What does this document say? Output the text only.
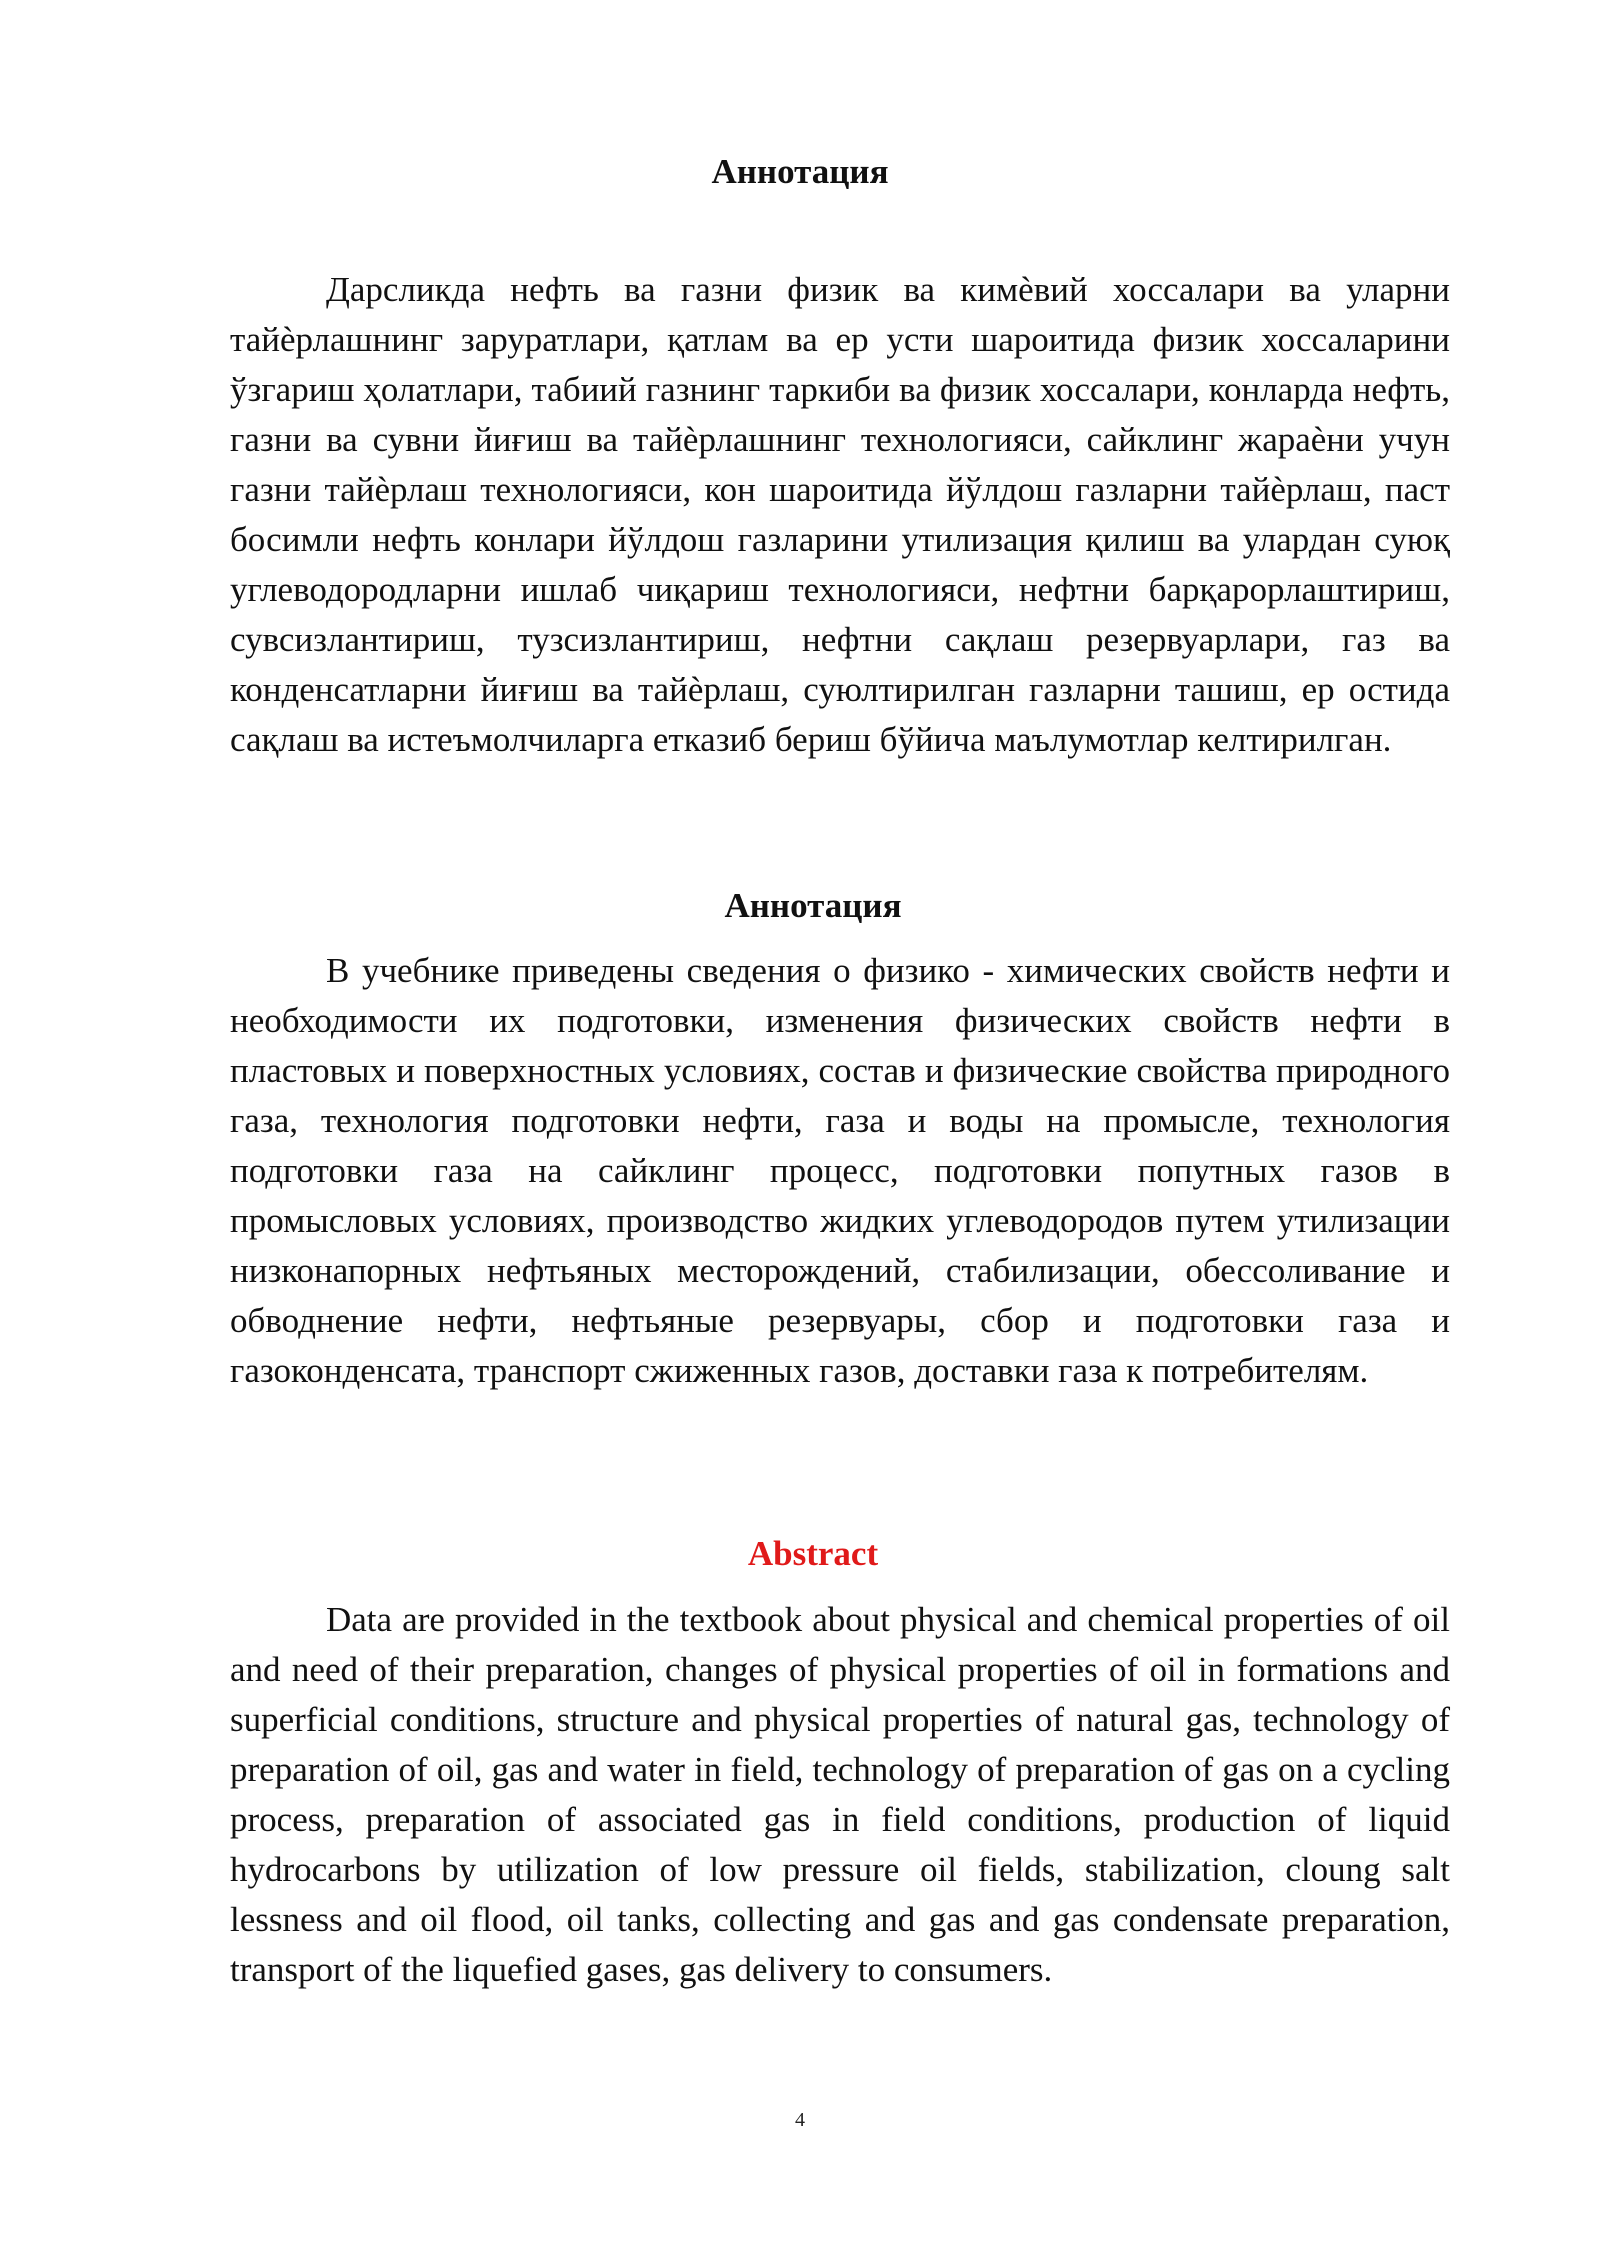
Аннотация

Дарсликда нефть ва газни физик ва кимѐвий хоссалари ва уларни тайѐрлашнинг заруратлари, қатлам ва ер усти шароитида физик хоссаларини ўзгариш ҳолатлари, табиий газнинг таркиби ва физик хоссалари, конларда нефть, газни ва сувни йиғиш ва тайѐрлашнинг технологияси, сайклинг жараѐни учун газни тайѐрлаш технологияси, кон шароитида йўлдош газларни тайѐрлаш, паст босимли нефть конлари йўлдош газларини утилизация қилиш ва улардан суюқ углеводородларни ишлаб чиқариш технологияси, нефтни барқарорлаштириш, сувсизлантириш, тузсизлантириш, нефтни сақлаш резервуарлари, газ ва конденсатларни йиғиш ва тайѐрлаш, суюлтирилган газларни ташиш, ер остида сақлаш ва истеъмолчиларга етказиб бериш бўйича маълумотлар келтирилган.

Аннотация

В учебнике приведены сведения о физико - химических свойств нефти и необходимости их подготовки, изменения физических свойств нефти в пластовых и поверхностных условиях, состав и физические свойства природного газа, технология подготовки нефти, газа и воды на промысле, технология подготовки газа на сайклинг процесс, подготовки попутных газов в промысловых условиях, производство жидких углеводородов путем утилизации низконапорных нефтьяных месторождений, стабилизации, обессоливание и обводнение нефти, нефтьяные резервуары, сбор и подготовки газа и газоконденсата, транспорт сжиженных газов, доставки газа к потребителям.

Abstract

Data are provided in the textbook about physical and chemical properties of oil and need of their preparation, changes of physical properties of oil in formations and superficial conditions, structure and physical properties of natural gas, technology of preparation of oil, gas and water in field, technology of preparation of gas on a cycling process, preparation of associated gas in field conditions, production of liquid hydrocarbons by utilization of low pressure oil fields, stabilization, cloung salt lessness and oil flood, oil tanks, collecting and gas and gas condensate preparation, transport of the liquefied gases, gas delivery to consumers.

4
